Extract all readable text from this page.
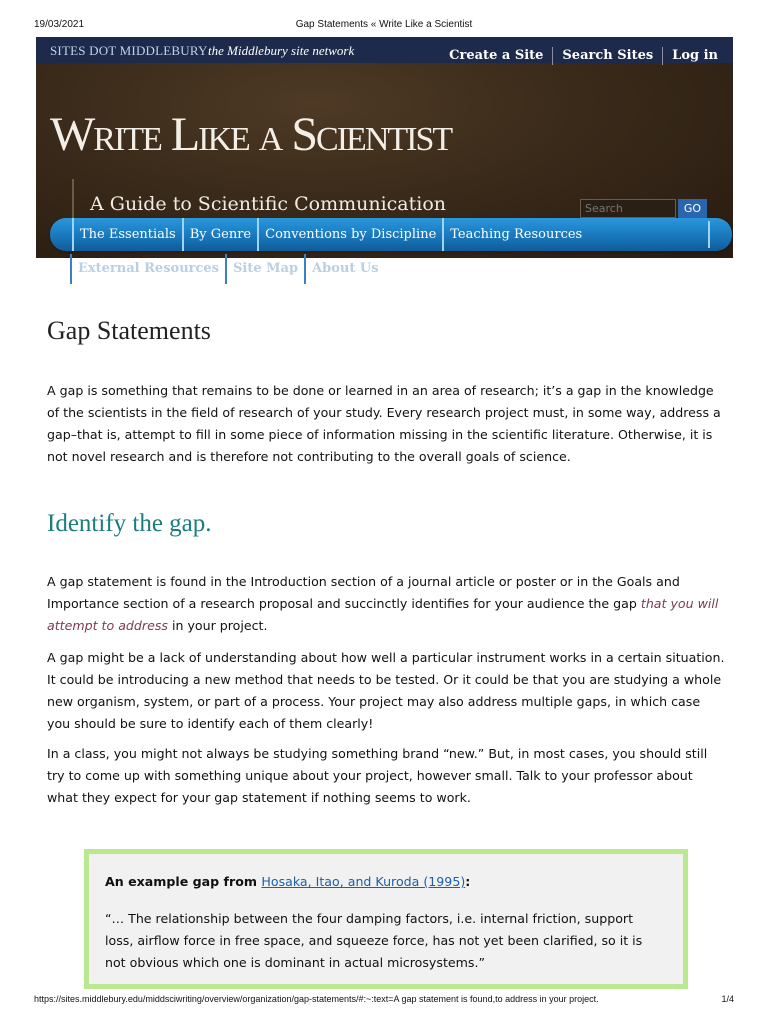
19/03/2021	Gap Statements « Write Like a Scientist
SITES DOT MIDDLEBURY the Middlebury site network	Create a Site	Search Sites	Log in
Write Like a Scientist
A Guide to Scientific Communication
Search	GO
The Essentials	By Genre	Conventions by Discipline	Teaching Resources
External Resources	Site Map	About Us
Gap Statements

A gap is something that remains to be done or learned in an area of research; it’s a gap in the knowledge of the scientists in the field of research of your study. Every research project must, in some way, address a gap–that is, attempt to fill in some piece of information missing in the scientific literature. Otherwise, it is not novel research and is therefore not contributing to the overall goals of science.

Identify the gap.

A gap statement is found in the Introduction section of a journal article or poster or in the Goals and Importance section of a research proposal and succinctly identifies for your audience the gap that you will attempt to address in your project.

A gap might be a lack of understanding about how well a particular instrument works in a certain situation. It could be introducing a new method that needs to be tested. Or it could be that you are studying a whole new organism, system, or part of a process. Your project may also address multiple gaps, in which case you should be sure to identify each of them clearly!

In a class, you might not always be studying something brand “new.” But, in most cases, you should still try to come up with something unique about your project, however small. Talk to your professor about what they expect for your gap statement if nothing seems to work.

An example gap from Hosaka, Itao, and Kuroda (1995):

“… The relationship between the four damping factors, i.e. internal friction, support loss, airflow force in free space, and squeeze force, has not yet been clarified, so it is not obvious which one is dominant in actual microsystems.”

https://sites.middlebury.edu/middsciwriting/overview/organization/gap-statements/#:~:text=A gap statement is found,to address in your project.	1/4
